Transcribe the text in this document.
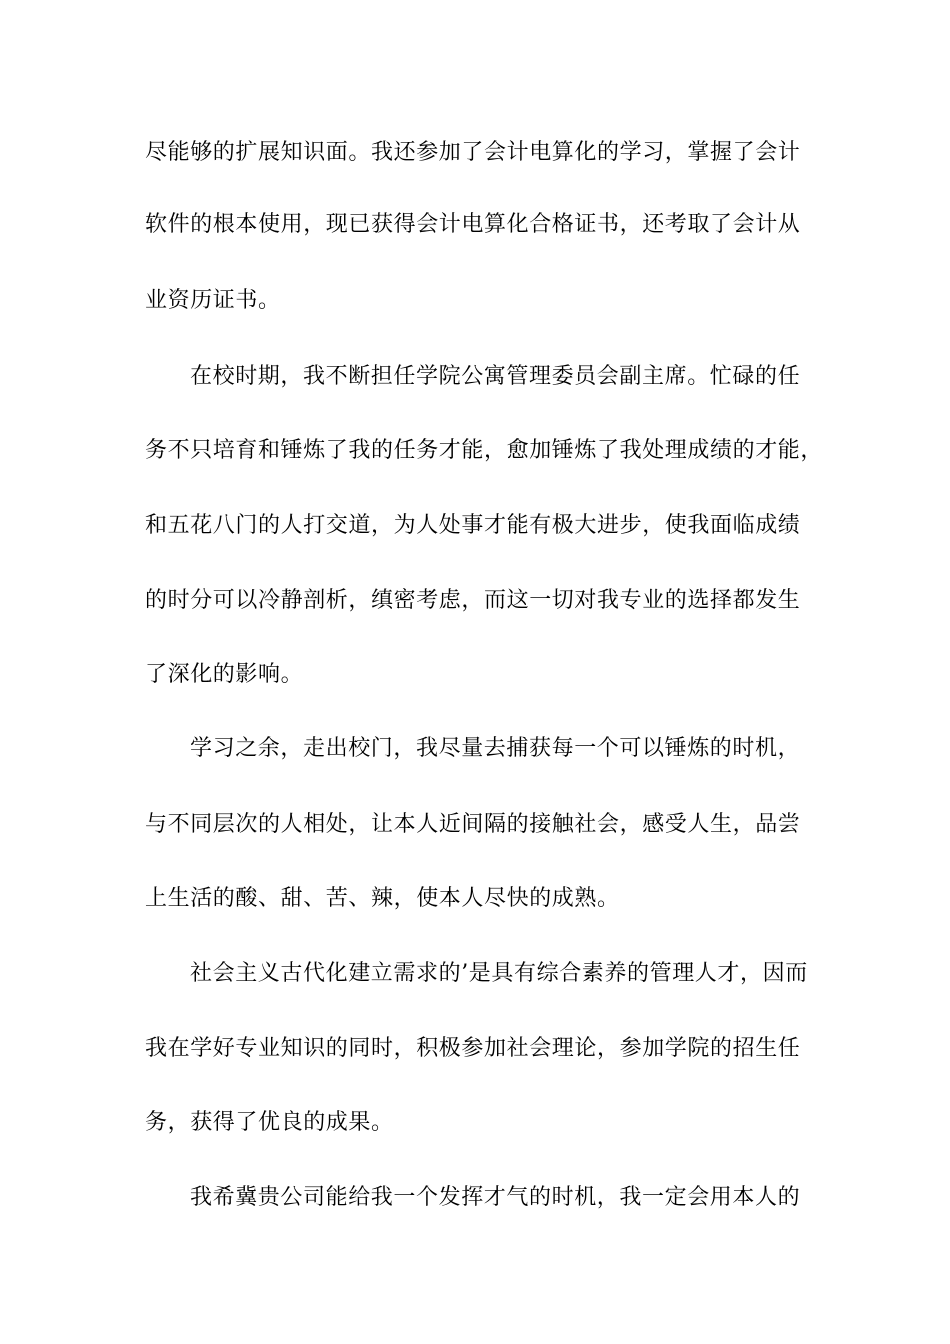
尽能够的扩展知识面。我还参加了会计电算化的学习，掌握了会计
软件的根本使用，现已获得会计电算化合格证书，还考取了会计从
业资历证书。
在校时期，我不断担任学院公寓管理委员会副主席。忙碌的任
务不只培育和锤炼了我的任务才能，愈加锤炼了我处理成绩的才能，
和五花八门的人打交道，为人处事才能有极大进步，使我面临成绩
的时分可以冷静剖析，缜密考虑，而这一切对我专业的选择都发生
了深化的影响。
学习之余，走出校门，我尽量去捕获每一个可以锤炼的时机，
与不同层次的人相处，让本人近间隔的接触社会，感受人生，品尝
上生活的酸、甜、苦、辣，使本人尽快的成熟。
社会主义古代化建立需求的’是具有综合素养的管理人才，因而
我在学好专业知识的同时，积极参加社会理论，参加学院的招生任
务，获得了优良的成果。
我希冀贵公司能给我一个发挥才气的时机，我一定会用本人的
